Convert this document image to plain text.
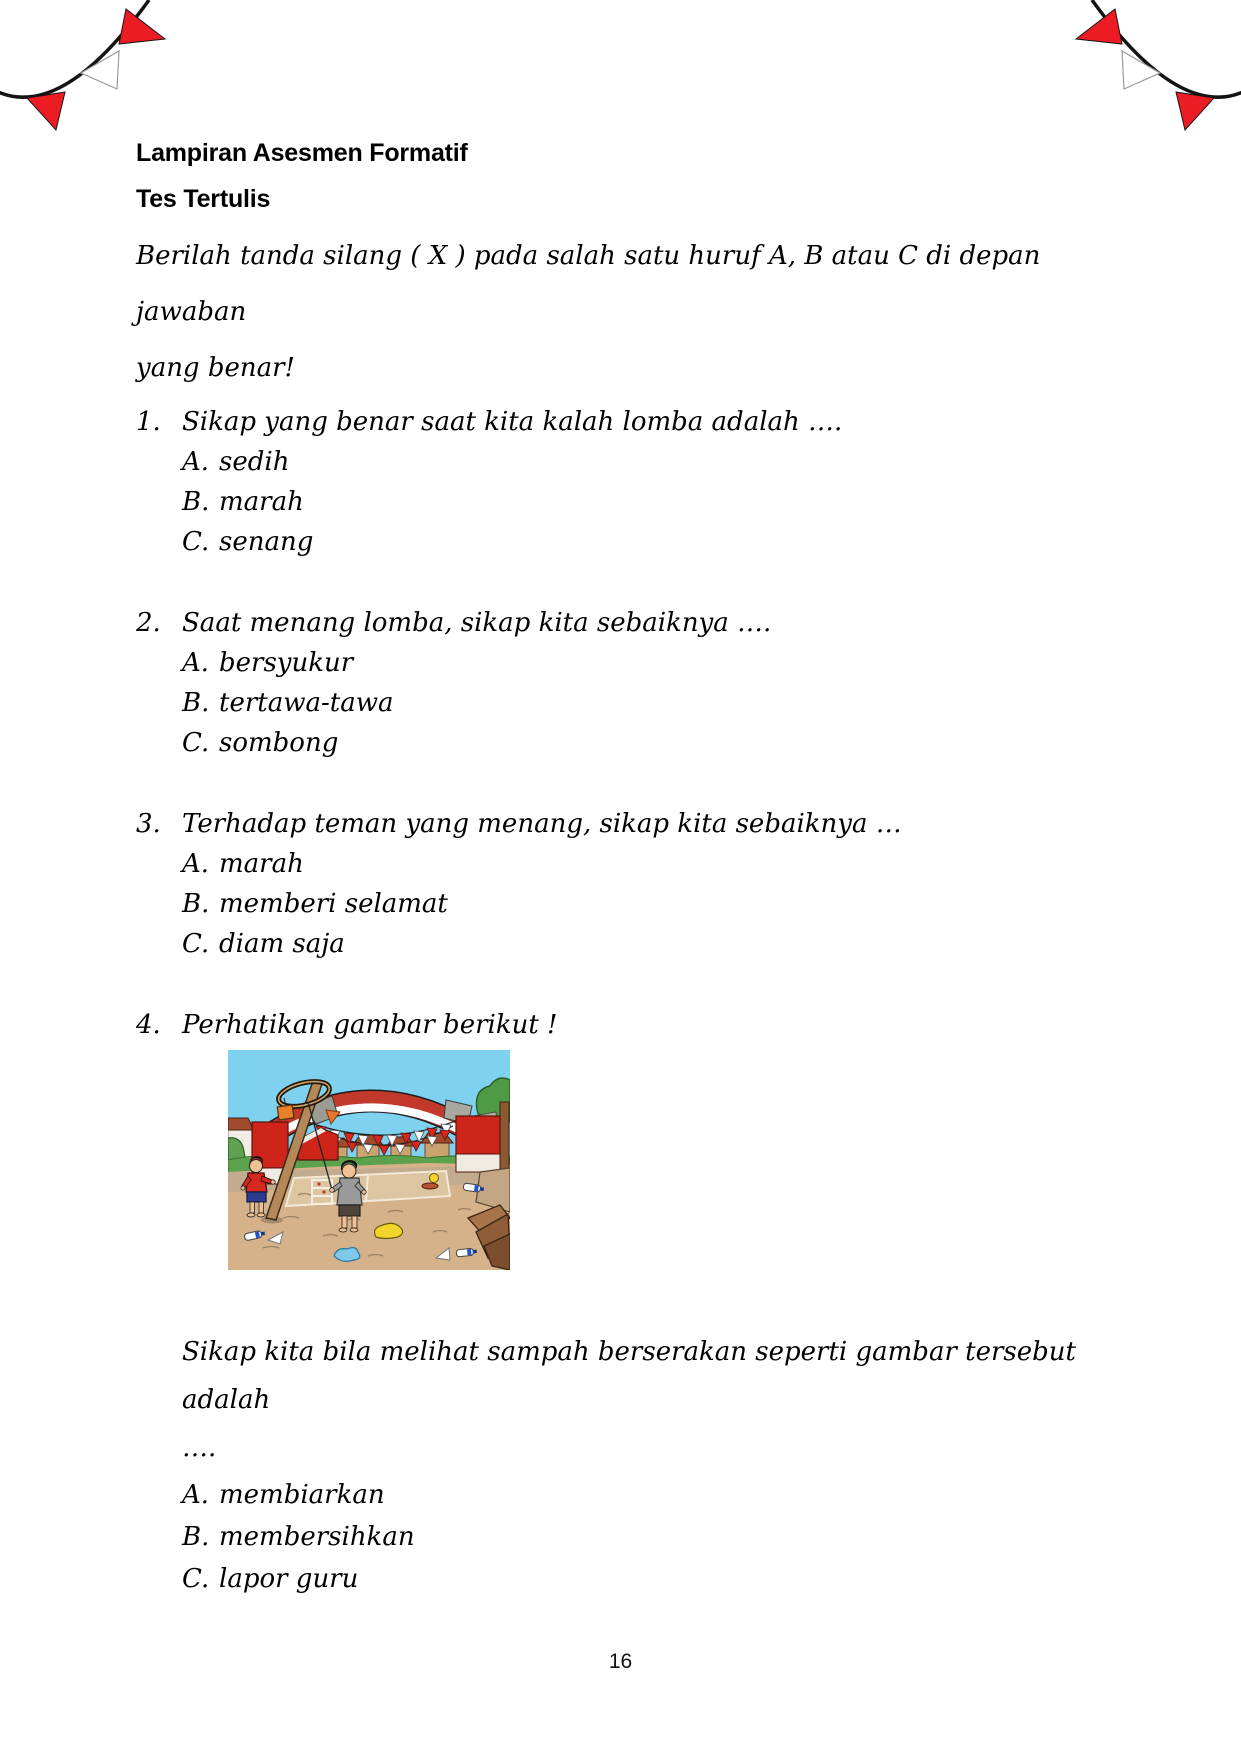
Lampiran Asesmen Formatif
Tes Tertulis
Berilah tanda silang ( X ) pada salah satu huruf A, B atau C di depan jawaban
yang benar!
1. Sikap yang benar saat kita kalah lomba adalah ….
A. sedih
B. marah
C. senang
2. Saat menang lomba, sikap kita sebaiknya ….
A. bersyukur
B. tertawa-tawa
C. sombong
3. Terhadap teman yang menang, sikap kita sebaiknya …
A. marah
B. memberi selamat
C. diam saja
4. Perhatikan gambar berikut !
Sikap kita bila melihat sampah berserakan seperti gambar tersebut adalah
….
A. membiarkan
B. membersihkan
C. lapor guru
16
